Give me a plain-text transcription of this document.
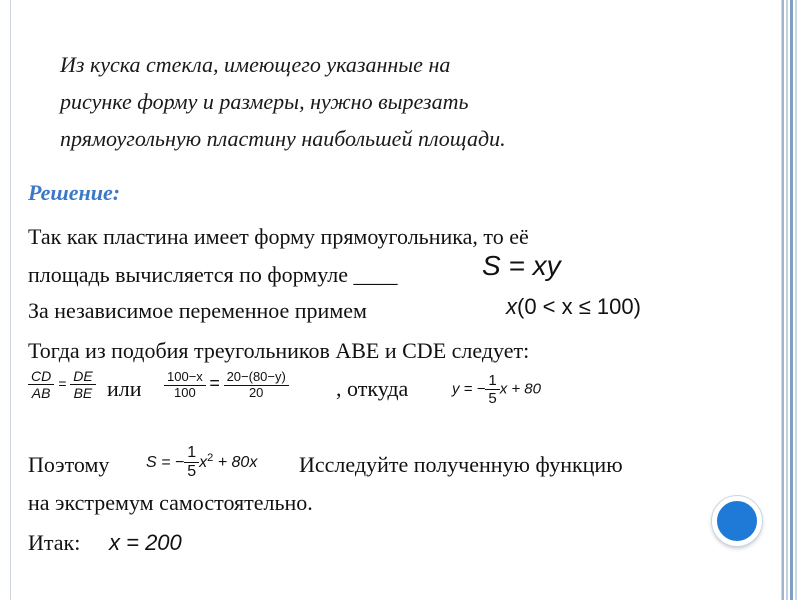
Из куска стекла, имеющего указанные на
рисунке форму и размеры, нужно вырезать
прямоугольную пластину наибольшей площади.
Решение:
Так как пластина имеет форму прямоугольника, то её
площадь вычисляется по формуле ____	S = xy
За независимое переменное примем	x(0 < x ≤ 100)
Тогда из подобия треугольников ABE и CDE следует:
$\frac{CD}{AB} = \frac{DE}{BE}$ или $\frac{100-x}{100} = \frac{20-(80-y)}{20}$ , откуда	y = − $\frac{1}{5}$ x + 80
Поэтому S = − $\frac{1}{5} x^2 + 80x$ Исследуйте полученную функцию
на экстремум самостоятельно.
Итак: x = 200
